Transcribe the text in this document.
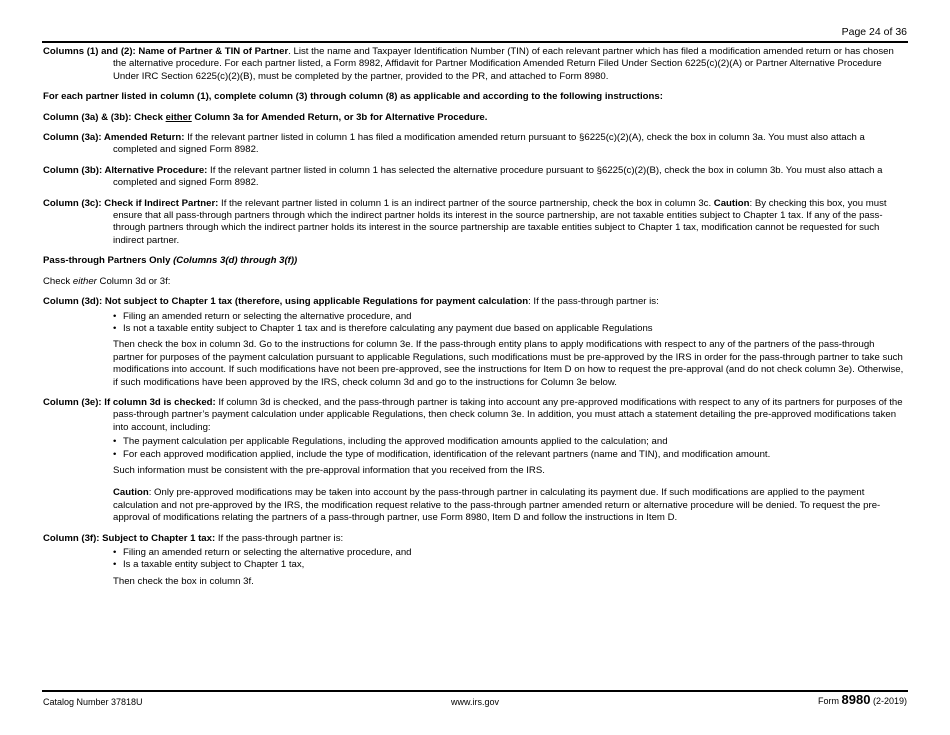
Page 24 of 36

Columns (1) and (2): Name of Partner & TIN of Partner. List the name and Taxpayer Identification Number (TIN) of each relevant partner which has filed a modification amended return or has chosen the alternative procedure. For each partner listed, a Form 8982, Affidavit for Partner Modification Amended Return Filed Under Section 6225(c)(2)(A) or Partner Alternative Procedure Under IRC Section 6225(c)(2)(B), must be completed by the partner, provided to the PR, and attached to Form 8980.

For each partner listed in column (1), complete column (3) through column (8) as applicable and according to the following instructions:

Column (3a) & (3b): Check either Column 3a for Amended Return, or 3b for Alternative Procedure.

Column (3a): Amended Return: If the relevant partner listed in column 1 has filed a modification amended return pursuant to §6225(c)(2)(A), check the box in column 3a. You must also attach a completed and signed Form 8982.

Column (3b): Alternative Procedure: If the relevant partner listed in column 1 has selected the alternative procedure pursuant to §6225(c)(2)(B), check the box in column 3b. You must also attach a completed and signed Form 8982.

Column (3c): Check if Indirect Partner: If the relevant partner listed in column 1 is an indirect partner of the source partnership, check the box in column 3c. Caution: By checking this box, you must ensure that all pass-through partners through which the indirect partner holds its interest in the source partnership, are not taxable entities subject to Chapter 1 tax. If any of the pass-through partners through which the indirect partner holds its interest in the source partnership are taxable entities subject to Chapter 1 tax, modification cannot be requested for such indirect partner.

Pass-through Partners Only (Columns 3(d) through 3(f))

Check either Column 3d or 3f:

Column (3d): Not subject to Chapter 1 tax (therefore, using applicable Regulations for payment calculation: If the pass-through partner is:
• Filing an amended return or selecting the alternative procedure, and
• Is not a taxable entity subject to Chapter 1 tax and is therefore calculating any payment due based on applicable Regulations
Then check the box in column 3d. Go to the instructions for column 3e. If the pass-through entity plans to apply modifications with respect to any of the partners of the pass-through partner for purposes of the payment calculation pursuant to applicable Regulations, such modifications must be pre-approved by the IRS in order for the pass-through partner to take such modifications into account. If such modifications have not been pre-approved, see the instructions for Item D on how to request the pre-approval (and do not check column 3e). Otherwise, if such modifications have been approved by the IRS, check column 3d and go to the instructions for Column 3e below.
Column (3e): If column 3d is checked: If column 3d is checked, and the pass-through partner is taking into account any pre-approved modifications with respect to any of its partners for purposes of the pass-through partner’s payment calculation under applicable Regulations, then check column 3e. In addition, you must attach a statement detailing the pre-approved modifications taken into account, including:
• The payment calculation per applicable Regulations, including the approved modification amounts applied to the calculation; and
• For each approved modification applied, include the type of modification, identification of the relevant partners (name and TIN), and modification amount.
Such information must be consistent with the pre-approval information that you received from the IRS.
Caution: Only pre-approved modifications may be taken into account by the pass-through partner in calculating its payment due. If such modifications are applied to the payment calculation and not pre-approved by the IRS, the modification request relative to the pass-through partner amended return or alternative procedure will be denied. To request the pre-approval of modifications relating the partners of a pass-through partner, use Form 8980, Item D and follow the instructions in Item D.
Column (3f): Subject to Chapter 1 tax: If the pass-through partner is:
• Filing an amended return or selecting the alternative procedure, and
• Is a taxable entity subject to Chapter 1 tax,
Then check the box in column 3f.
Catalog Number 37818U	www.irs.gov	Form 8980 (2-2019)
